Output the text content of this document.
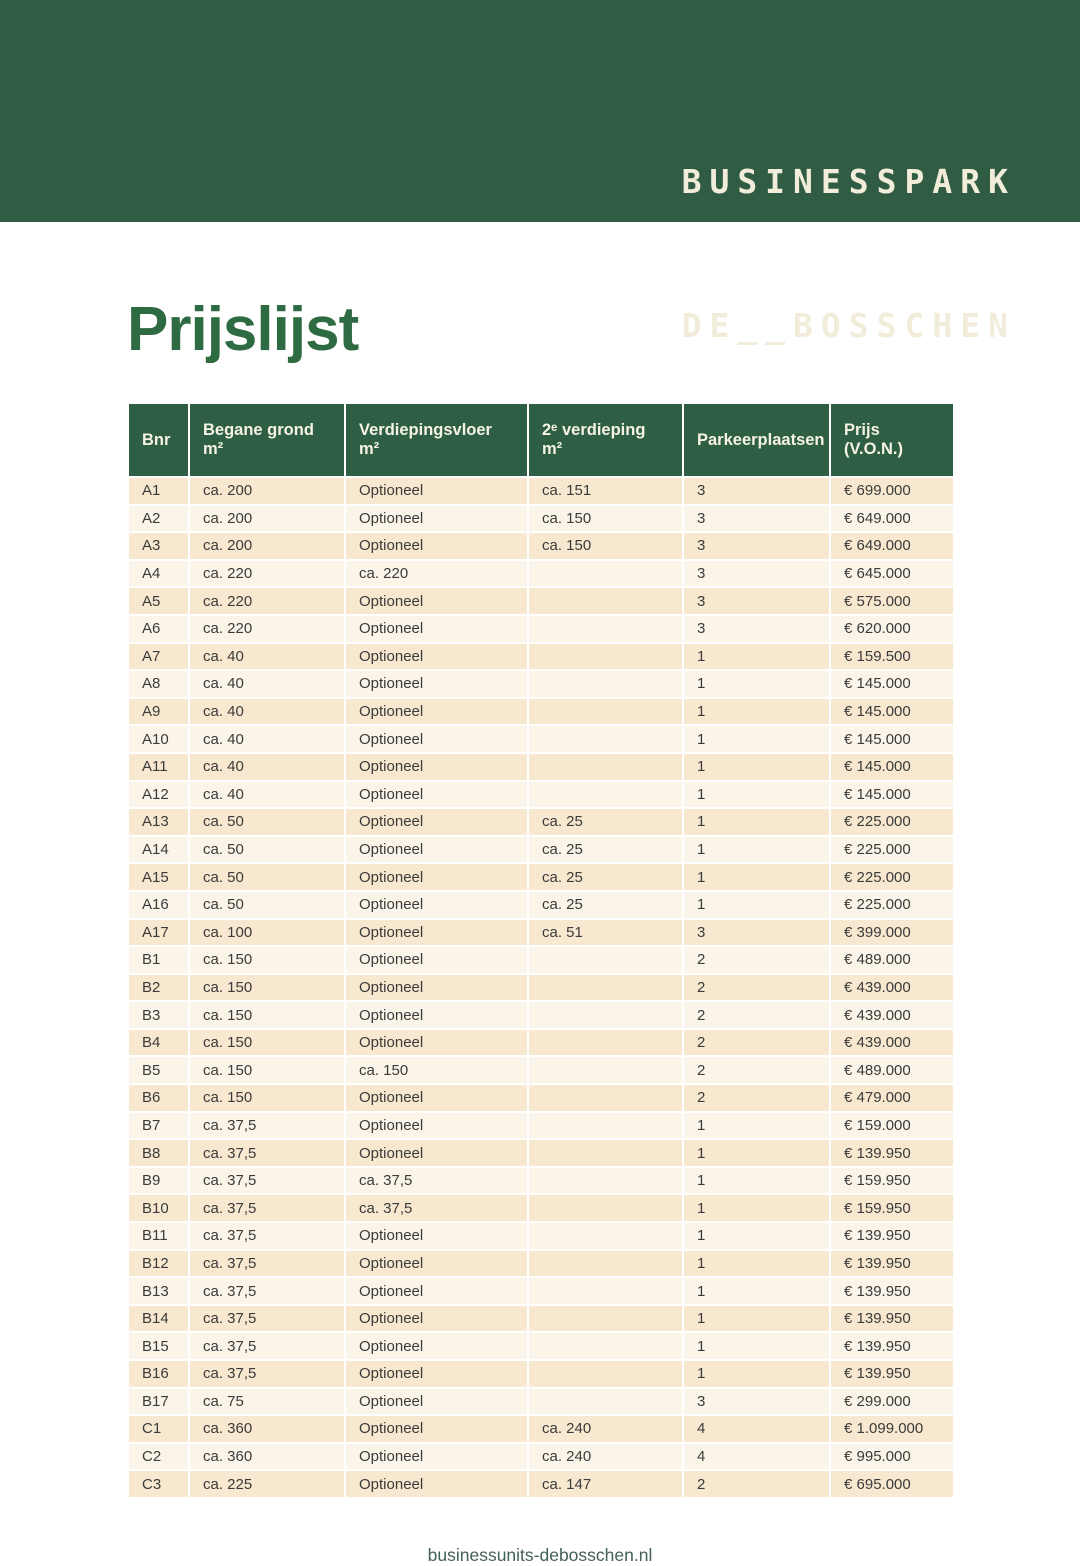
BUSINESSPARK

DE__BOSSCHEN

Prijslijst
Bnr	Begane grond m²	Verdiepingsvloer m²	2ᵉ verdieping m²	Parkeerplaatsen	Prijs (V.O.N.)
A1	ca. 200	Optioneel	ca. 151	3	€ 699.000
A2	ca. 200	Optioneel	ca. 150	3	€ 649.000
A3	ca. 200	Optioneel	ca. 150	3	€ 649.000
A4	ca. 220	ca. 220		3	€ 645.000
A5	ca. 220	Optioneel		3	€ 575.000
A6	ca. 220	Optioneel		3	€ 620.000
A7	ca. 40	Optioneel		1	€ 159.500
A8	ca. 40	Optioneel		1	€ 145.000
A9	ca. 40	Optioneel		1	€ 145.000
A10	ca. 40	Optioneel		1	€ 145.000
A11	ca. 40	Optioneel		1	€ 145.000
A12	ca. 40	Optioneel		1	€ 145.000
A13	ca. 50	Optioneel	ca. 25	1	€ 225.000
A14	ca. 50	Optioneel	ca. 25	1	€ 225.000
A15	ca. 50	Optioneel	ca. 25	1	€ 225.000
A16	ca. 50	Optioneel	ca. 25	1	€ 225.000
A17	ca. 100	Optioneel	ca. 51	3	€ 399.000
B1	ca. 150	Optioneel		2	€ 489.000
B2	ca. 150	Optioneel		2	€ 439.000
B3	ca. 150	Optioneel		2	€ 439.000
B4	ca. 150	Optioneel		2	€ 439.000
B5	ca. 150	ca. 150		2	€ 489.000
B6	ca. 150	Optioneel		2	€ 479.000
B7	ca. 37,5	Optioneel		1	€ 159.000
B8	ca. 37,5	Optioneel		1	€ 139.950
B9	ca. 37,5	ca. 37,5		1	€ 159.950
B10	ca. 37,5	ca. 37,5		1	€ 159.950
B11	ca. 37,5	Optioneel		1	€ 139.950
B12	ca. 37,5	Optioneel		1	€ 139.950
B13	ca. 37,5	Optioneel		1	€ 139.950
B14	ca. 37,5	Optioneel		1	€ 139.950
B15	ca. 37,5	Optioneel		1	€ 139.950
B16	ca. 37,5	Optioneel		1	€ 139.950
B17	ca. 75	Optioneel		3	€ 299.000
C1	ca. 360	Optioneel	ca. 240	4	€ 1.099.000
C2	ca. 360	Optioneel	ca. 240	4	€ 995.000
C3	ca. 225	Optioneel	ca. 147	2	€ 695.000
businessunits-debosschen.nl
